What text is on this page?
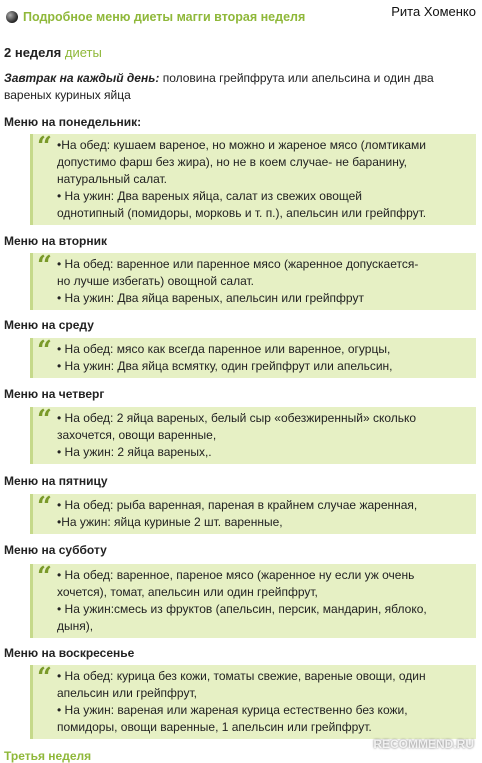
Рита Хоменко
Подробное меню диеты магги вторая неделя
2 неделя диеты
Завтрак на каждый день: половина грейпфрута или апельсина и один два вареных куриных яйца
Меню на понедельник:
“ •На обед: кушаем вареное, но можно и жареное мясо (ломтиками
допустимо фарш без жира), но не в коем случае- не баранину,
натуральный салат.
• На ужин: Два вареных яйца, салат из свежих овощей
однотипный (помидоры, морковь и т. п.), апельсин или грейпфрут.
Меню на вторник
“ • На обед: варенное или паренное мясо (жаренное допускается-
но лучше избегать) овощной салат.
• На ужин: Два яйца вареных, апельсин или грейпфрут
Меню на среду
“ • На обед: мясо как всегда паренное или варенное, огурцы,
• На ужин: Два яйца всмятку, один грейпфрут или апельсин,
Меню на четверг
“ • На обед: 2 яйца вареных, белый сыр «обезжиренный» сколько
захочется, овощи варенные,
• На ужин: 2 яйца вареных,.
Меню на пятницу
“ • На обед: рыба варенная, пареная в крайнем случае жаренная,
•На ужин: яйца куриные 2 шт. варенные,
Меню на субботу
“ • На обед: варенное, пареное мясо (жаренное ну если уж очень
хочется), томат, апельсин или один грейпфрут,
• На ужин:смесь из фруктов (апельсин, персик, мандарин, яблоко,
дыня),
Меню на воскресенье
“ • На обед: курица без кожи, томаты свежие, вареные овощи, один
апельсин или грейпфрут,
• На ужин: вареная или жареная курица естественно без кожи,
помидоры, овощи варенные, 1 апельсин или грейпфрут.
Третья неделя
RECOMMEND.RU
